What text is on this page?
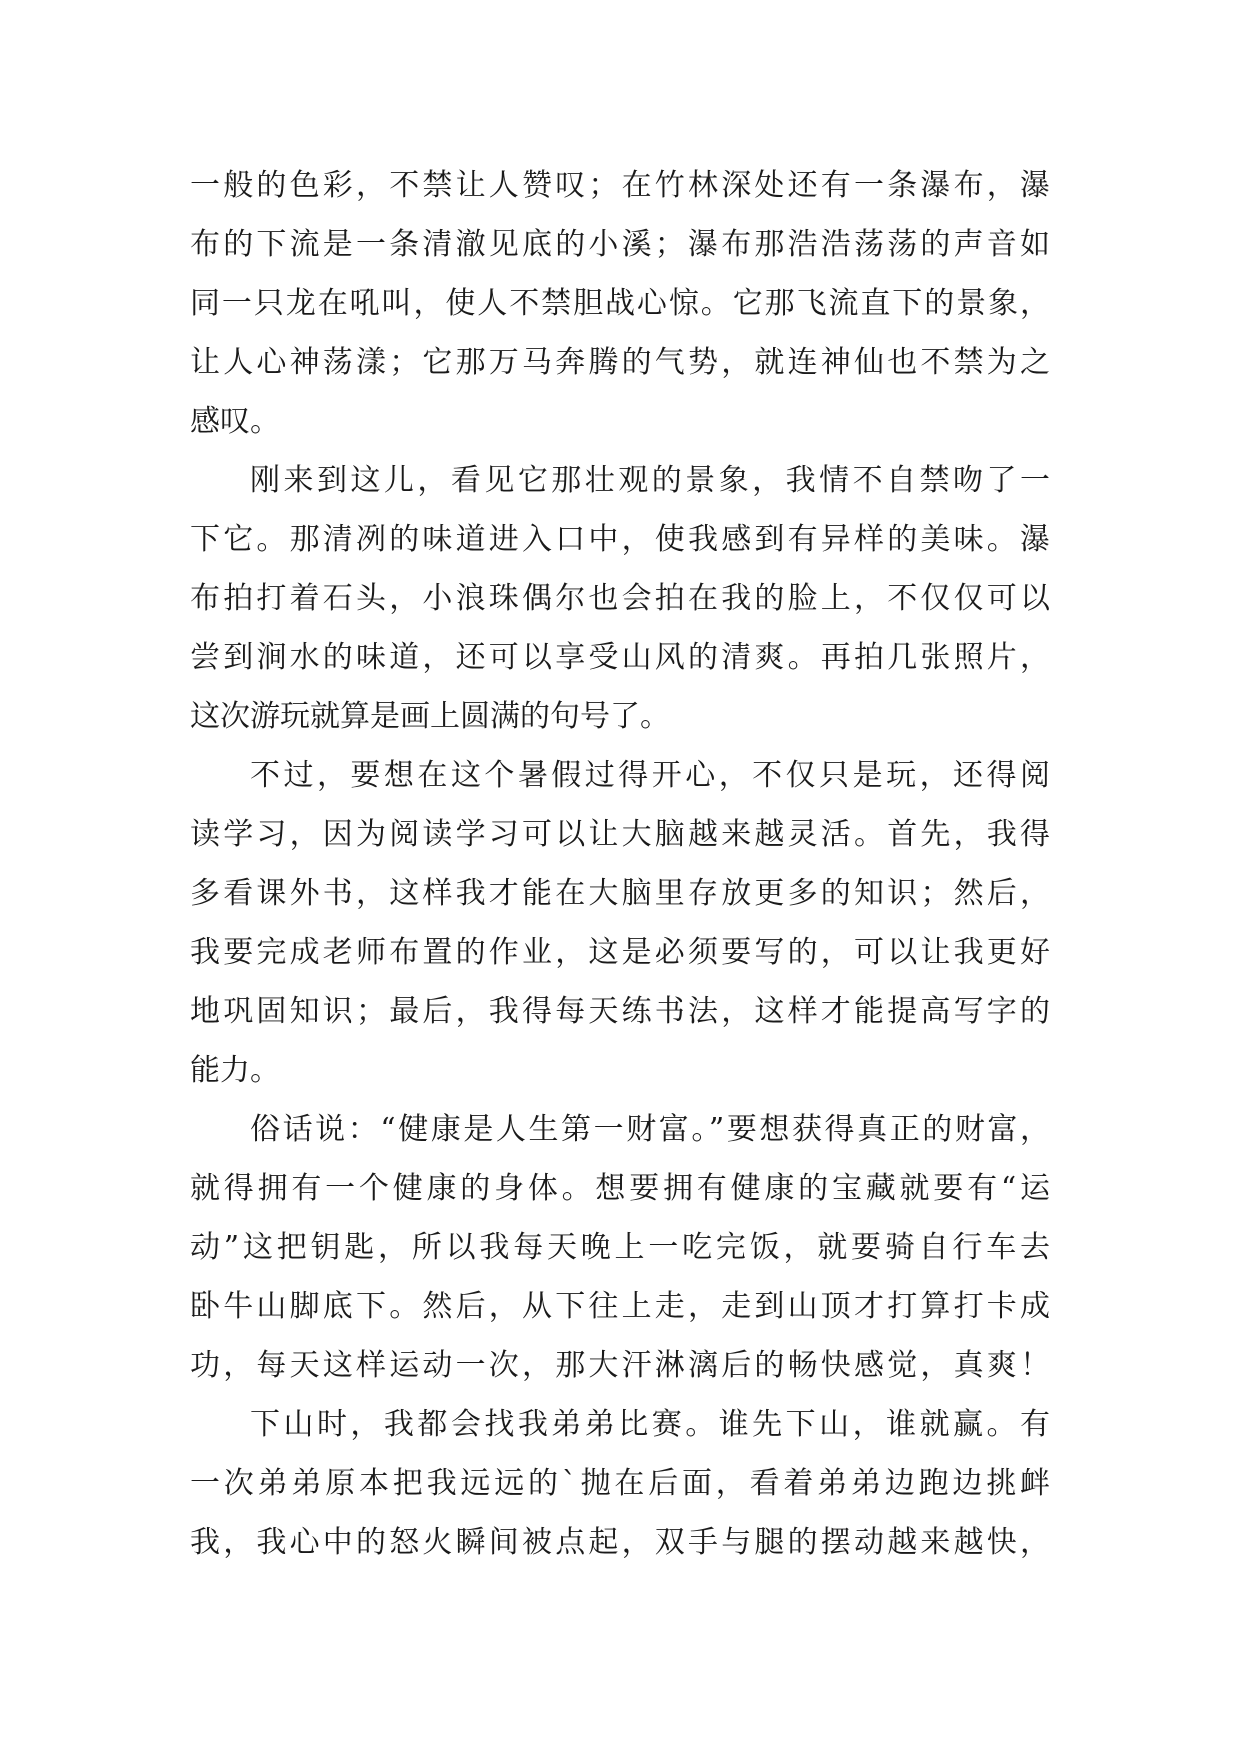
一般的色彩，不禁让人赞叹；在竹林深处还有一条瀑布，瀑
布的下流是一条清澈见底的小溪；瀑布那浩浩荡荡的声音如
同一只龙在吼叫，使人不禁胆战心惊。它那飞流直下的景象，
让人心神荡漾；它那万马奔腾的气势，就连神仙也不禁为之
感叹。
刚来到这儿，看见它那壮观的景象，我情不自禁吻了一
下它。那清冽的味道进入口中，使我感到有异样的美味。瀑
布拍打着石头，小浪珠偶尔也会拍在我的脸上，不仅仅可以
尝到涧水的味道，还可以享受山风的清爽。再拍几张照片，
这次游玩就算是画上圆满的句号了。
不过，要想在这个暑假过得开心，不仅只是玩，还得阅
读学习，因为阅读学习可以让大脑越来越灵活。首先，我得
多看课外书，这样我才能在大脑里存放更多的知识；然后，
我要完成老师布置的作业，这是必须要写的，可以让我更好
地巩固知识；最后，我得每天练书法，这样才能提高写字的
能力。
俗话说：“健康是人生第一财富。”要想获得真正的财富，
就得拥有一个健康的身体。想要拥有健康的宝藏就要有“运
动”这把钥匙，所以我每天晚上一吃完饭，就要骑自行车去
卧牛山脚底下。然后，从下往上走，走到山顶才打算打卡成
功，每天这样运动一次，那大汗淋漓后的畅快感觉，真爽！
下山时，我都会找我弟弟比赛。谁先下山，谁就赢。有
一次弟弟原本把我远远的`抛在后面，看着弟弟边跑边挑衅
我，我心中的怒火瞬间被点起，双手与腿的摆动越来越快，
